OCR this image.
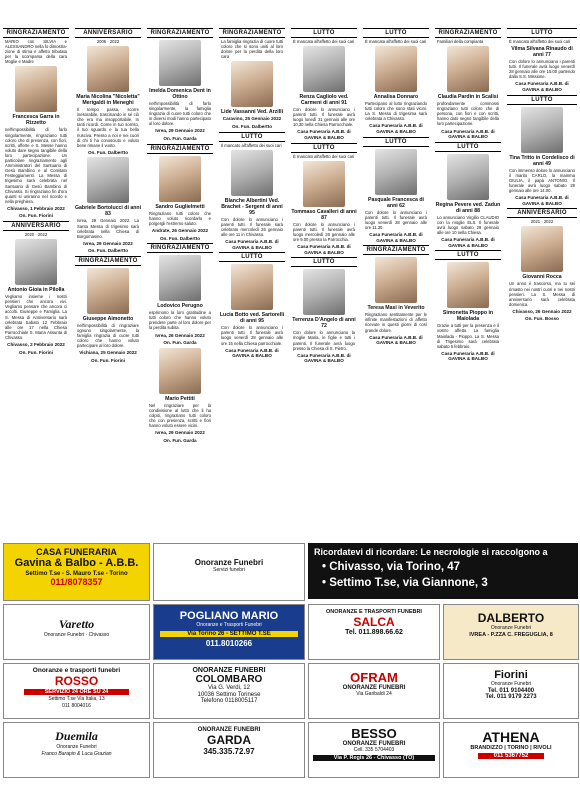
RINGRAZIAMENTO
MARIO con SILVIA e ALESSANDRO nella fo dimostra- zione di stima e affetto tributata per la scomparsa della cara Moglie e Madre
Francesca Garra in Rizzetto
nell'impossibilità di farlo singolarmente, ringraziano tutti coloro che di presenza, con fiori, scritti, offerte e S. Messe hanno voluto dare segno tangibile della loro partecipazione. Un particolare ringraziamento agli Amministratori del Santuario di Gesù Bambino e al Comitato Festeggiamenti. La Messa di trigesimo sarà celebrata nel Santuario di Gesù Bambino di Chivasso. Si ringraziano fin d'ora quanti si uniranno nel ricordo e nella preghiera.
Chivasso, 1 Febbraio 2022
On. Fun. Fiorini
ANNIVERSARIO
2020 · 2022
Antonio Gioia in Pilolla
Vegliamo insieme i nostri pensieri che ancora vivi. Vegliamo pensare che ancora ci accolti. Giuseppe e Famiglia. La S. Messa di Anniversario sarà celebrata Sabato 12 Febbraio alle ore 17 nella Chiesa Parrocchiale S. Maria Assunta di Chivasso.
Chivasso, 2 Febbraio 2022
On. Fun. Fiorini
ANNIVERSARIO
2006 · 2022
Maria Nicolina "Nicoletta" Merigaldi in Meneghi
Il tempo passa, scorre inesorabile, trascinando in sé ciò che era ma insopportabile. In tanti ricordi. Come in tuo sorriso, il tuo sguardo e la tua bella riusciva. Presso a noi e nei cuori di chi ti ha conosciuto e voluto bene rimane il vuoto.
On. Fun. Dalbertto
Gabriele Bortolucci di anni 83
Ivrea, 29 Gennaio 2022. La Santa Messa di trigesimo sarà celebrata nella Chiesa di Borgomasino.
Ivrea, 29 Gennaio 2022
On. Fun. Dalbertto
RINGRAZIAMENTO
Giuseppe Aimonetto
nell'impossibilità di ringraziare ognuno singolarmente, la famiglia ringrazia di cuore tutti coloro che hanno voluto partecipare al loro dolore.
Vichiana, 25 Gennaio 2022
On. Fun. Fiorini
RINGRAZIAMENTO
Imelda Domenica Dent in Ottino
nell'impossibilità di farlo singolarmente, la famiglia ringrazia di cuore tutti coloro che in diversi modi hanno partecipato al loro dolore.
Ivrea, 29 Gennaio 2022
On. Fun. Garda
RINGRAZIAMENTO
Sandro Guglielmetti
Ringraziano tutti coloro che hanno voluto ricordarlo e porgergli l'estremo saluto.
Andrate, 26 Gennaio 2022
On. Fun. Dalbertto
RINGRAZIAMENTO
Lodovico Perugno
esprimono la loro gratitudine a tutti coloro che hanno voluto prendere parte al loro dolore per la perdita subita.
Ivrea, 26 Gennaio 2022
On. Fun. Garda
Mario Pettiti
Nel ringraziare per la condivisione al lutto che li ha colpiti, ringraziano tutti coloro che con presenza, scritti e fiori hanno voluto essere vicini.
Ivrea, 29 Gennaio 2022
On. Fun. Garda
RINGRAZIAMENTO
La famiglia ringrazia di cuore tutti coloro che si sono uniti al loro dolore per la perdita della loro cara
Lide Vassanni Ved. Arzilli
Caravino, 25 Gennaio 2022
On. Fun. Dalbertto
LUTTO
Il mancato all'affetto dei suoi cari
Blanche Albertini Ved. Brachet - Sergent di anni 95
Con dolore lo annunciano i parenti tutti. Il funerale sarà celebrato mercoledì 26 gennaio alle ore 11 in Chivasso.
Casa Funeraria A.B.B. di GAVINA & BALBO
LUTTO
Lucia Botto ved. Sartorelli di anni 95
Con dolore lo annunciano i parenti tutti. Il funerale avrà luogo venerdì 28 gennaio alle ore 15 nella Chiesa parrocchiale.
Casa Funeraria A.B.B. di GAVINA & BALBO
LUTTO
È mancata all'affetto dei suoi cari
Renza Cagliolo ved. Carmeni di anni 91
Con dolore lo annunciano i parenti tutti. Il funerale avrà luogo lunedì 31 gennaio alle ore 10,30 nella Chiesa Parrocchiale.
Casa Funeraria A.B.B. di GAVINA & BALBO
LUTTO
È mancato all'affetto dei suoi cari
Tommaso Cavalleri di anni 87
Con dolore lo annunciano i parenti tutti. Il funerale avrà luogo mercoledì 26 gennaio alle ore 9.00 presso la Parrocchia.
Casa Funeraria A.B.B. di GAVINA & BALBO
LUTTO
Terrenza D'Angelo di anni 72
Con dolore lo annunciano la moglie Maria, le figlie e tutti i parenti. Il funerale avrà luogo presso la Chiesa di S. Pietro.
Casa Funeraria A.B.B. di GAVINA & BALBO
LUTTO
È mancata all'affetto dei suoi cari
Annalisa Donnaro
Partecipano al lutto ringraziando tutti coloro che sono stati vicini. La S. Messa di trigesima sarà celebrata a Chivasso.
Casa Funeraria A.B.B. di GAVINA & BALBO
LUTTO
Pasquale Francesca di anni 62
Con dolore lo annunciano i parenti tutti. Il funerale avrà luogo venerdì 28 gennaio alle ore 11.30.
Casa Funeraria A.B.B. di GAVINA & BALBO
RINGRAZIAMENTO
Teresa Masi in Veverito
Ringraziano sentitamente per le infinite manifestazioni di affetto ricevute in questi giorni di così grande dolore.
Casa Funeraria A.B.B. di GAVINA & BALBO
RINGRAZIAMENTO
Familiari della compianta
Claudia Pardin in Scalisi
profondamente commossi ringraziano tutti coloro che di persona, con fiori e con scritti, hanno dato segno tangibile della loro partecipazione.
Casa Funeraria A.B.B. di GAVINA & BALBO
LUTTO
Regina Pevere ved. Zadun di anni 88
Lo annunciano Virgilio CLAUDIO con la moglie ELS. Il funerale avrà luogo sabato 29 gennaio alle ore 10 nella Chiesa.
Casa Funeraria A.B.B. di GAVINA & BALBO
LUTTO
Simonetta Pioppo in Maiolada
Grazie a tutti per la presenza e il vostro affetto. La famiglia Maiolada - Pioppo. La S. Messa di Trigesimo sarà celebrata sabato 5 febbraio.
Casa Funeraria A.B.B. di GAVINA & BALBO
LUTTO
È mancata all'affetto dei suoi cari
Vilma Silvana Rinaudo di anni 77
Con dolore lo annunciano i parenti tutti. Il funerale avrà luogo venerdì 28 gennaio alle ore 15.00 partendo dalla S.S. Missione.
Casa Funeraria A.B.B. di GAVINA & BALBO
LUTTO
Tina Tritto in Cordelisco di anni 49
Con immenso dolore lo annunciano il marito CARLO, la mamma GIULIA, il papà ANTONIO. Il funerale avrà luogo sabato 29 gennaio alle ore 14.00.
Casa Funeraria A.B.B. di GAVINA & BALBO
ANNIVERSARIO
2021 · 2022
Giovanni Rocca
Un anno è trascorso, ma tu sei rimasto nei nostri cuori e nei nostri pensieri. La S. Messa di anniversario sarà celebrata domenica.
Chivasso, 26 Gennaio 2022
On. Fun. Bosso
Ricordatevi di ricordare: Le necrologie si raccolgono a
• Chivasso, via Torino, 47
• Settimo T.se, via Giannone, 3
CASA FUNERARIA
Gavina & Balbo - A.B.B.
Settimo T.se - S. Mauro T.se - Torino
011/8078357
Onoranze Funebri
Servizi funebri
Varetto
Onoranze Funebri · Chivasso
POGLIANO MARIO
Onoranze e Trasporti Funebri
Via Torino 26 - SETTIMO T.SE
011.8010266
ONORANZE E TRASPORTI FUNEBRI
SALCA
Tel. 011.898.66.62
DALBERTO
Onoranze Funebri
IVREA - P.ZZA C. FREGUGLIA, 8
Onoranze e trasporti funebri
ROSSO
SERVIZIO 24 ORE SU 24
Settimo T.se Via Italia, 13
011 8004016
ONORANZE FUNEBRI
COLOMBARO
Via G. Verdi, 12
10036 Settimo Torinese
Telefono 0118005117
OFRAM
ONORANZE FUNEBRI
Via Garibaldi 24
Fiorini
Onoranze Funebri
Tel. 011 9104400
Tel. 011 9179 2273
Duemila
Onoranze Funebri
Franco Barapin & Luca Grazian
ONORANZE FUNEBRI
GARDA
345.335.72.97
BESSO
ONORANZE FUNEBRI
Cell. 335 5704403
Via P. Regis 26 - Chivasso (TO)
ATHENA
BRANDIZZO | TORINO | RIVOLI
011 5367752
